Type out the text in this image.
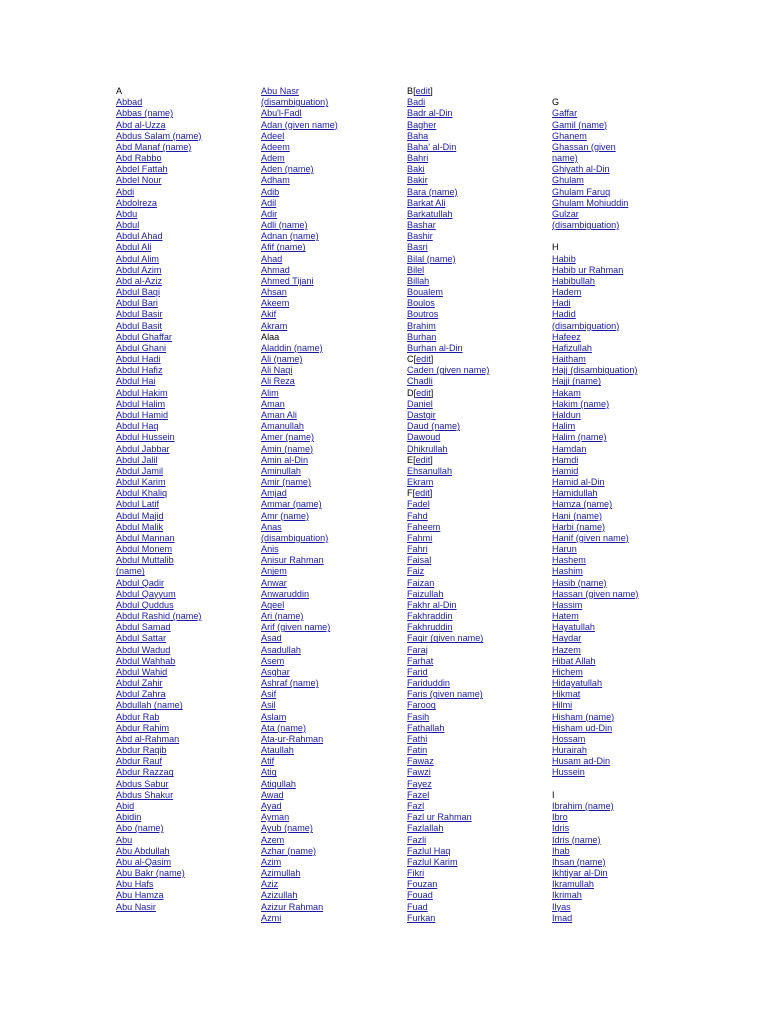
A
Abbad
Abbas (name)
Abd al-Uzza
Abdus Salam (name)
Abd Manaf (name)
Abd Rabbo
Abdel Fattah
Abdel Nour
Abdi
Abdolreza
Abdu
Abdul
Abdul Ahad
Abdul Ali
Abdul Alim
Abdul Azim
Abd al-Aziz
Abdul Baqi
Abdul Bari
Abdul Basir
Abdul Basit
Abdul Ghaffar
Abdul Ghani
Abdul Hadi
Abdul Hafiz
Abdul Hai
Abdul Hakim
Abdul Halim
Abdul Hamid
Abdul Haq
Abdul Hussein
Abdul Jabbar
Abdul Jalil
Abdul Jamil
Abdul Karim
Abdul Khaliq
Abdul Latif
Abdul Majid
Abdul Malik
Abdul Mannan
Abdul Monem
Abdul Muttalib
(name)
Abdul Qadir
Abdul Qayyum
Abdul Quddus
Abdul Rashid (name)
Abdul Samad
Abdul Sattar
Abdul Wadud
Abdul Wahhab
Abdul Wahid
Abdul Zahir
Abdul Zahra
Abdullah (name)
Abdur Rab
Abdur Rahim
Abd al-Rahman
Abdur Raqib
Abdur Rauf
Abdur Razzaq
Abdus Sabur
Abdus Shakur
Abid
Abidin
Abo (name)
Abu
Abu Abdullah
Abu al-Qasim
Abu Bakr (name)
Abu Hafs
Abu Hamza
Abu Nasir
Abu Nasr
(disambiguation)
Abu'l-Fadl
Adan (given name)
Adeel
Adeem
Adem
Aden (name)
Adham
Adib
Adil
Adir
Adli (name)
Adnan (name)
Afif (name)
Ahad
Ahmad
Ahmed Tijani
Ahsan
Akeem
Akif
Akram
Alaa
Aladdin (name)
Ali (name)
Ali Naqi
Ali Reza
Alim
Aman
Aman Ali
Amanullah
Amer (name)
Amin (name)
Amin al-Din
Aminullah
Amir (name)
Amjad
Ammar (name)
Amr (name)
Anas
(disambiguation)
Anis
Anisur Rahman
Anjem
Anwar
Anwaruddin
Aqeel
Ari (name)
Arif (given name)
Asad
Asadullah
Asem
Asghar
Ashraf (name)
Asif
Asil
Aslam
Ata (name)
Ata-ur-Rahman
Ataullah
Atif
Atiq
Atiqullah
Awad
Ayad
Ayman
Ayub (name)
Azem
Azhar (name)
Azim
Azimullah
Aziz
Azizullah
Azizur Rahman
Azmi
B[edit]
Badi
Badr al-Din
Bagher
Baha
Baha' al-Din
Bahri
Baki
Bakir
Bara (name)
Barkat Ali
Barkatullah
Bashar
Bashir
Basri
Bilal (name)
Bilel
Billah
Boualem
Boulos
Boutros
Brahim
Burhan
Burhan al-Din
C[edit]
Caden (given name)
Chadli
D[edit]
Daniel
Dastgir
Daud (name)
Dawoud
Dhikrullah
E[edit]
Ehsanullah
Ekram
F[edit]
Fadel
Fahd
Faheem
Fahmi
Fahri
Faisal
Faiz
Faizan
Faizullah
Fakhr al-Din
Fakhraddin
Fakhruddin
Faqir (given name)
Faraj
Farhat
Farid
Fariduddin
Faris (given name)
Farooq
Fasih
Fathallah
Fathi
Fatin
Fawaz
Fawzi
Fayez
Fazel
Fazl
Fazl ur Rahman
Fazlallah
Fazli
Fazlul Haq
Fazlul Karim
Fikri
Fouzan
Fouad
Fuad
Furkan
G
Gaffar
Gamil (name)
Ghanem
Ghassan (given
name)
Ghiyath al-Din
Ghulam
Ghulam Faruq
Ghulam Mohiuddin
Gulzar
(disambiguation)
H
Habib
Habib ur Rahman
Habibullah
Hadem
Hadi
Hadid
(disambiguation)
Hafeez
Hafizullah
Haitham
Hajj (disambiguation)
Hajji (name)
Hakam
Hakim (name)
Haldun
Halim
Halim (name)
Hamdan
Hamdi
Hamid
Hamid al-Din
Hamidullah
Hamza (name)
Hani (name)
Harbi (name)
Hanif (given name)
Harun
Hashem
Hashim
Hasib (name)
Hassan (given name)
Hassim
Hatem
Hayatullah
Haydar
Hazem
Hibat Allah
Hichem
Hidayatullah
Hikmat
Hilmi
Hisham (name)
Hisham ud-Din
Hossam
Hurairah
Husam ad-Din
Hussein
I
Ibrahim (name)
Ibro
Idris
Idris (name)
Ihab
Ihsan (name)
Ikhtiyar al-Din
Ikramullah
Ikrimah
Ilyas
Imad
